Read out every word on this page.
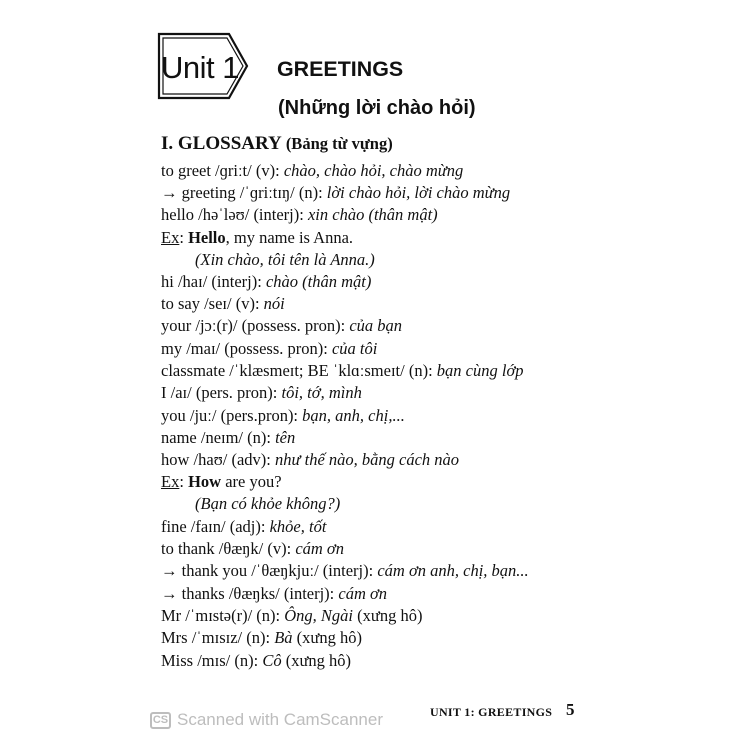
Unit 1 GREETINGS
(Những lời chào hỏi)
I. GLOSSARY (Bảng từ vựng)
to greet /ɡriːt/ (v): chào, chào hỏi, chào mừng
→ greeting /ˈɡriːtɪŋ/ (n): lời chào hỏi, lời chào mừng
hello /həˈləʊ/ (interj): xin chào (thân mật)
Ex: Hello, my name is Anna.
(Xin chào, tôi tên là Anna.)
hi /haɪ/ (interj): chào (thân mật)
to say /seɪ/ (v): nói
your /jɔː(r)/ (possess. pron): của bạn
my /maɪ/ (possess. pron): của tôi
classmate /ˈklæsmeɪt; BE ˈklɑːsmeɪt/ (n): bạn cùng lớp
I /aɪ/ (pers. pron): tôi, tớ, mình
you /juː/ (pers.pron): bạn, anh, chị,...
name /neɪm/ (n): tên
how /haʊ/ (adv): như thế nào, bằng cách nào
Ex: How are you?
(Bạn có khỏe không?)
fine /faɪn/ (adj): khỏe, tốt
to thank /θæŋk/ (v): cám ơn
→ thank you /ˈθæŋkjuː/ (interj): cám ơn anh, chị, bạn...
→ thanks /θæŋks/ (interj): cám ơn
Mr /ˈmɪstə(r)/ (n): Ông, Ngài (xưng hô)
Mrs /ˈmɪsɪz/ (n): Bà (xưng hô)
Miss /mɪs/ (n): Cô (xưng hô)
CS Scanned with CamScanner	UNIT 1: GREETINGS 5
